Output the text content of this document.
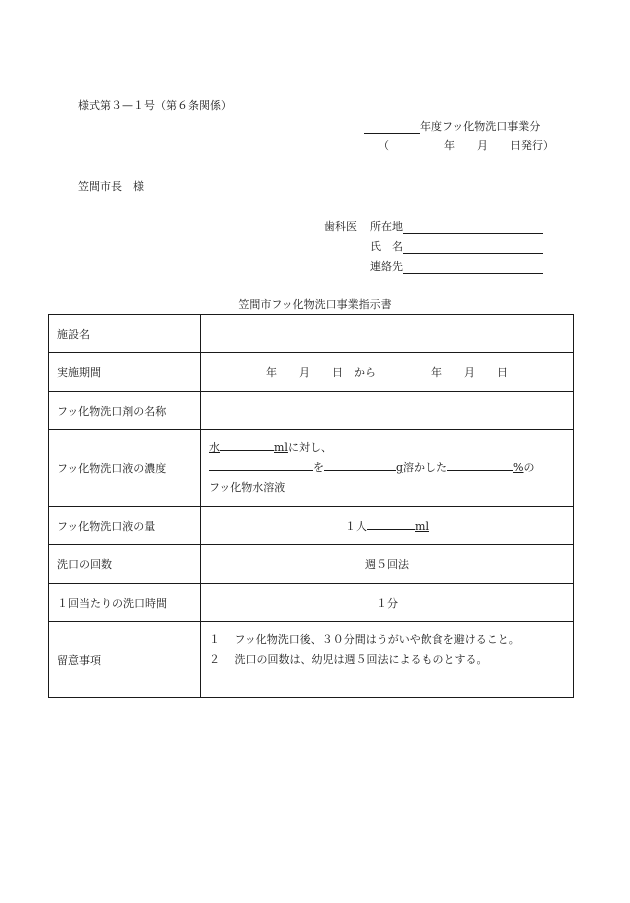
様式第３—１号（第６条関係）
年度フッ化物洗口事業分
（　　　　　年　　月　　日発行）
笠間市長　様
歯科医 所在地
氏　名
連絡先
笠間市フッ化物洗口事業指示書
施設名	
実施期間	年　　月　　日　から　　　　　年　　月　　日
フッ化物洗口剤の名称	
フッ化物洗口液の濃度	水 mlに対し、
を g溶かした %の
フッ化物水溶液

フッ化物洗口液の量	１人 ml
洗口の回数	週５回法
１回当たりの洗口時間	１分
留意事項	１　 フッ化物洗口後、３０分間はうがいや飲食を避けること。
２　 洗口の回数は、幼児は週５回法によるものとする。
